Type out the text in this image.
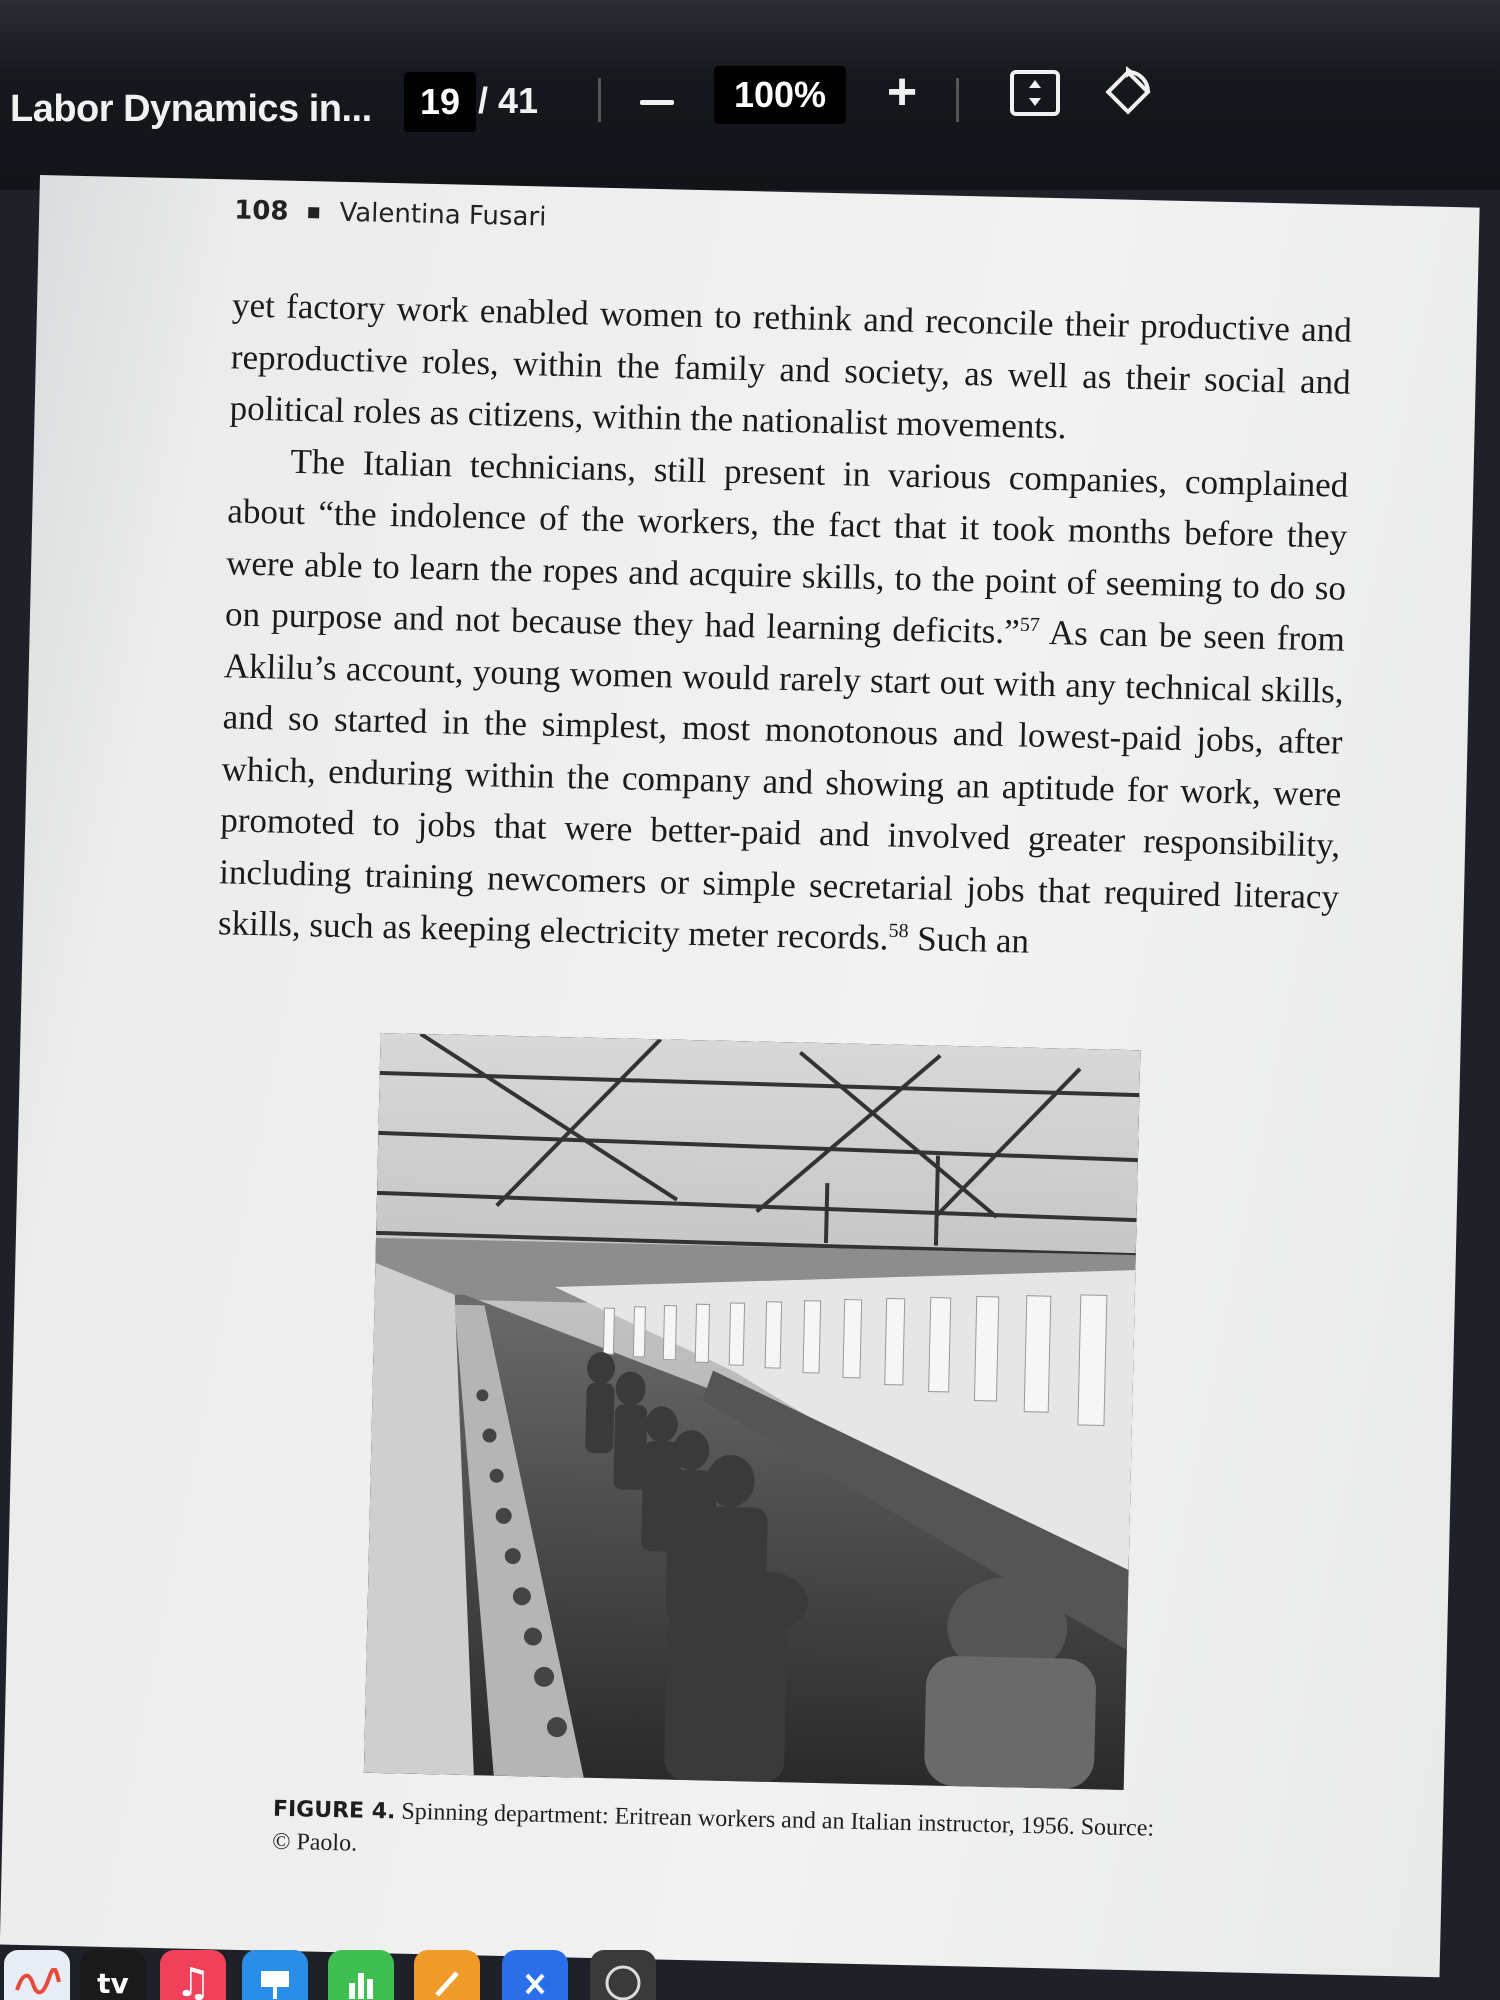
Labor Dynamics in...	19 / 41	100%	+
108 Valentina Fusari

yet factory work enabled women to rethink and reconcile their productive and reproductive roles, within the family and society, as well as their social and political roles as citizens, within the nationalist movements.

The Italian technicians, still present in various companies, complained about “the indolence of the workers, the fact that it took months before they were able to learn the ropes and acquire skills, to the point of seeming to do so on purpose and not because they had learning deficits.”$^{57}$ As can be seen from Aklilu’s account, young women would rarely start out with any technical skills, and so started in the simplest, most monotonous and lowest-paid jobs, after which, enduring within the company and showing an aptitude for work, were promoted to jobs that were better-paid and involved greater responsibility, including training newcomers or simple secretarial jobs that required literacy skills, such as keeping electricity meter records.$^{58}$ Such an

FIGURE 4. Spinning department: Eritrean workers and an Italian instructor, 1956. Source: © Paolo.
tv ♫
